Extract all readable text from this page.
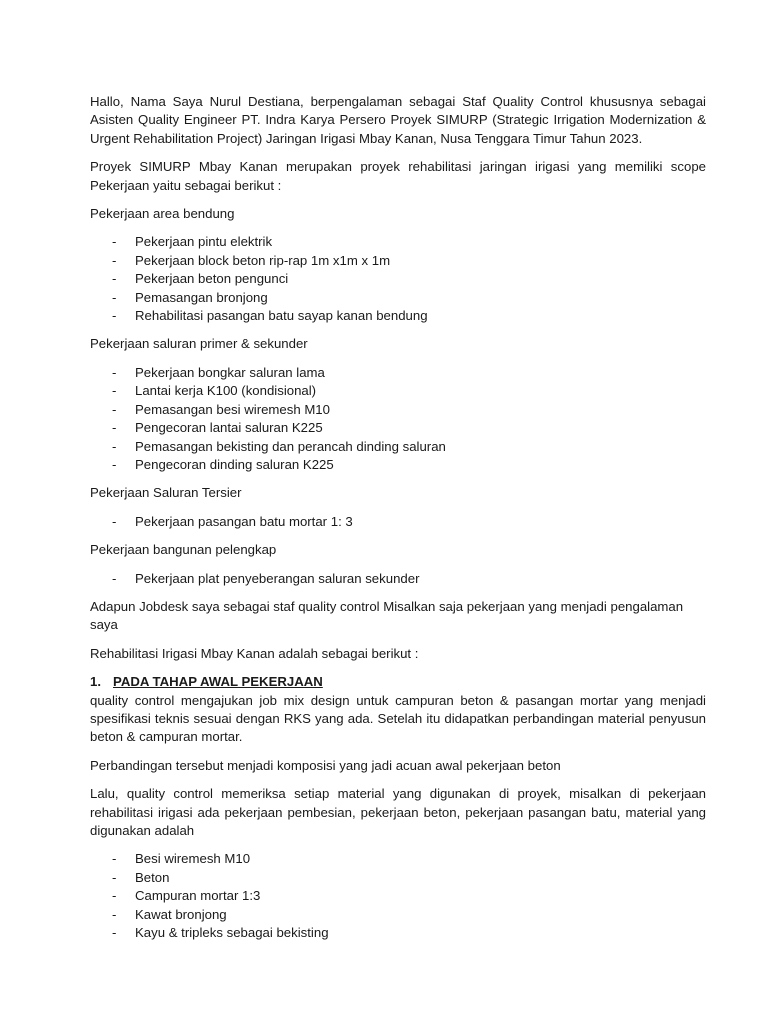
Hallo, Nama Saya Nurul Destiana, berpengalaman sebagai Staf Quality Control khususnya sebagai Asisten Quality Engineer PT. Indra Karya Persero Proyek SIMURP (Strategic Irrigation Modernization & Urgent Rehabilitation Project) Jaringan Irigasi Mbay Kanan, Nusa Tenggara Timur Tahun 2023.

Proyek SIMURP Mbay Kanan merupakan proyek rehabilitasi jaringan irigasi yang memiliki scope Pekerjaan yaitu sebagai berikut :

Pekerjaan area bendung

- Pekerjaan pintu elektrik
- Pekerjaan block beton rip-rap 1m x1m x 1m
- Pekerjaan beton pengunci
- Pemasangan bronjong
- Rehabilitasi pasangan batu sayap kanan bendung

Pekerjaan saluran primer & sekunder

- Pekerjaan bongkar saluran lama
- Lantai kerja K100 (kondisional)
- Pemasangan besi wiremesh M10
- Pengecoran lantai saluran K225
- Pemasangan bekisting dan perancah dinding saluran
- Pengecoran dinding saluran K225

Pekerjaan Saluran Tersier

- Pekerjaan pasangan batu mortar 1: 3

Pekerjaan bangunan pelengkap

- Pekerjaan plat penyeberangan saluran sekunder

Adapun Jobdesk saya sebagai staf quality control Misalkan saja pekerjaan yang menjadi pengalaman saya

Rehabilitasi Irigasi Mbay Kanan adalah sebagai berikut :

1. PADA TAHAP AWAL PEKERJAAN

quality control mengajukan job mix design untuk campuran beton & pasangan mortar yang menjadi spesifikasi teknis sesuai dengan RKS yang ada. Setelah itu didapatkan perbandingan material penyusun beton & campuran mortar.

Perbandingan tersebut menjadi komposisi yang jadi acuan awal pekerjaan beton

Lalu, quality control memeriksa setiap material yang digunakan di proyek, misalkan di pekerjaan rehabilitasi irigasi ada pekerjaan pembesian, pekerjaan beton, pekerjaan pasangan batu, material yang digunakan adalah

- Besi wiremesh M10
- Beton
- Campuran mortar 1:3
- Kawat bronjong
- Kayu & tripleks sebagai bekisting
